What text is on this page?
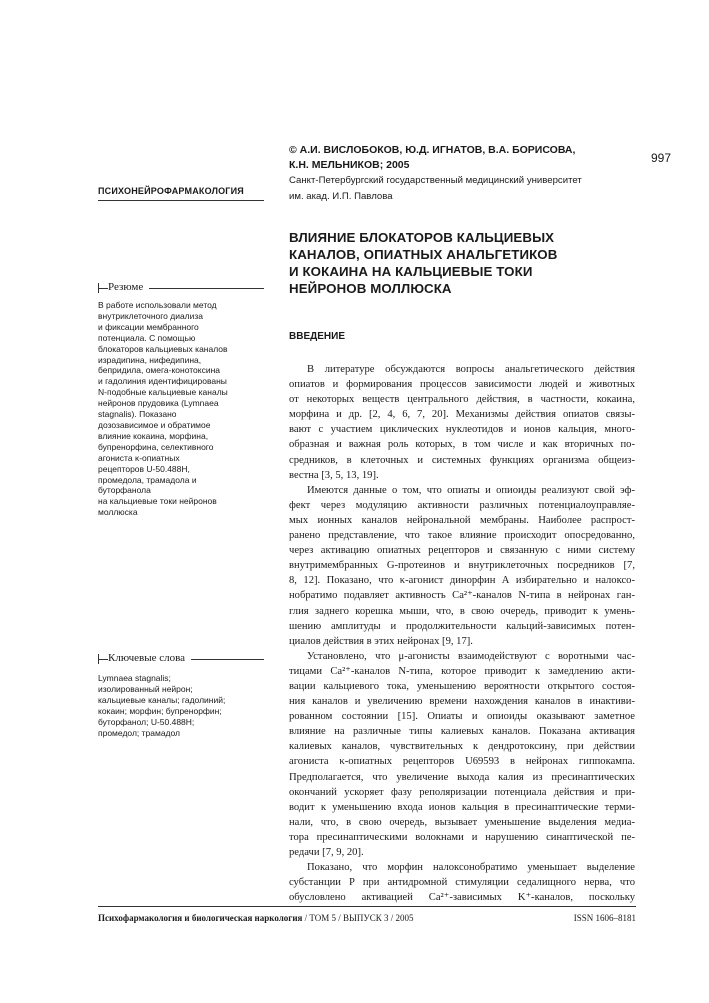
997
© А.И. ВИСЛОБОКОВ, Ю.Д. ИГНАТОВ, В.А. БОРИСОВА,
К.Н. МЕЛЬНИКОВ; 2005
Санкт-Петербургский государственный медицинский университет
им. акад. И.П. Павлова
ПСИХОНЕЙРОФАРМАКОЛОГИЯ
ВЛИЯНИЕ БЛОКАТОРОВ КАЛЬЦИЕВЫХ
КАНАЛОВ, ОПИАТНЫХ АНАЛЬГЕТИКОВ
И КОКАИНА НА КАЛЬЦИЕВЫЕ ТОКИ
НЕЙРОНОВ МОЛЛЮСКА
Резюме
В работе использовали метод
внутриклеточного диализа
и фиксации мембранного
потенциала. С помощью
блокаторов кальциевых каналов
израдипина, нифедипина,
бепридила, омега-конотоксина
и гадолиния идентифицированы
N-подобные кальциевые каналы
нейронов прудовика (Lymnaea
stagnalis). Показано
дозозависимое и обратимое
влияние кокаина, морфина,
бупренорфина, селективного
агониста κ-опиатных
рецепторов U-50.488H,
промедола, трамадола и
буторфанола
на кальциевые токи нейронов
моллюска
Ключевые слова
Lymnaea stagnalis;
изолированный нейрон;
кальциевые каналы; гадолиний;
кокаин; морфин; бупренорфин;
буторфанол; U-50.488H;
промедол; трамадол
ВВЕДЕНИЕ
В литературе обсуждаются вопросы анальгетического действия
опиатов и формирования процессов зависимости людей и животных
от некоторых веществ центрального действия, в частности, кокаина,
морфина и др. [2, 4, 6, 7, 20]. Механизмы действия опиатов связы-
вают с участием циклических нуклеотидов и ионов кальция, много-
образная и важная роль которых, в том числе и как вторичных по-
средников, в клеточных и системных функциях организма общеиз-
вестна [3, 5, 13, 19].
Имеются данные о том, что опиаты и опиоиды реализуют свой эф-
фект через модуляцию активности различных потенциалоуправляе-
мых ионных каналов нейрональной мембраны. Наиболее распрост-
ранено представление, что такое влияние происходит опосредованно,
через активацию опиатных рецепторов и связанную с ними систему
внутримембранных G-протеинов и внутриклеточных посредников [7,
8, 12]. Показано, что κ-агонист динорфин А избирательно и налоксо-
нобратимо подавляет активность Ca²⁺-каналов N-типа в нейронах ган-
глия заднего корешка мыши, что, в свою очередь, приводит к умень-
шению амплитуды и продолжительности кальций-зависимых потен-
циалов действия в этих нейронах [9, 17].
Установлено, что μ-агонисты взаимодействуют с воротными час-
тицами Ca²⁺-каналов N-типа, которое приводит к замедлению акти-
вации кальциевого тока, уменьшению вероятности открытого состоя-
ния каналов и увеличению времени нахождения каналов в инактиви-
рованном состоянии [15]. Опиаты и опиоиды оказывают заметное
влияние на различные типы калиевых каналов. Показана активация
калиевых каналов, чувствительных к дендротоксину, при действии
агониста κ-опиатных рецепторов U69593 в нейронах гиппокампа.
Предполагается, что увеличение выхода калия из пресинаптических
окончаний ускоряет фазу реполяризации потенциала действия и при-
водит к уменьшению входа ионов кальция в пресинаптические терми-
нали, что, в свою очередь, вызывает уменьшение выделения медиа-
тора пресинаптическими волокнами и нарушению синаптической пе-
редачи [7, 9, 20].
Показано, что морфин налоксонобратимо уменьшает выделение
субстанции Р при антидромной стимуляции седалищного нерва, что
обусловлено активацией Ca²⁺-зависимых K⁺-каналов, поскольку
Психофармакология и биологическая наркология / ТОМ 5 / ВЫПУСК 3 / 2005	ISSN 1606–8181
